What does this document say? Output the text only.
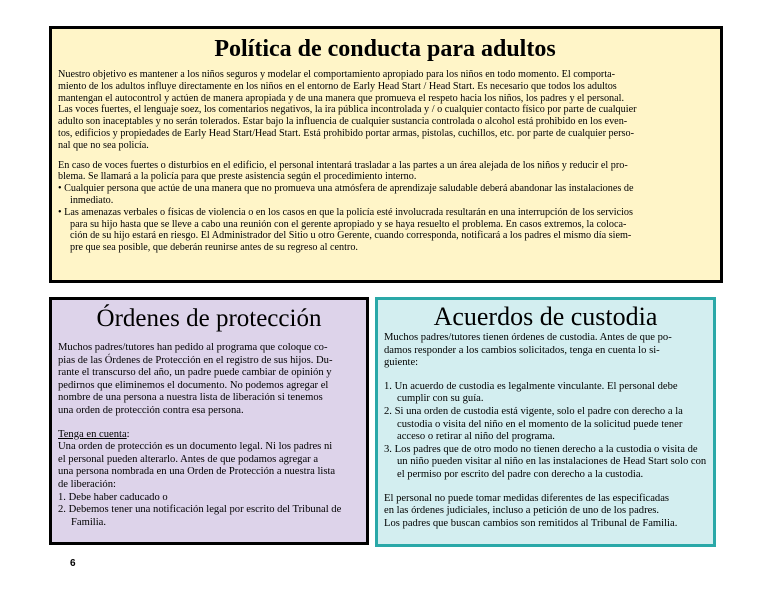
Política de conducta para adultos
Nuestro objetivo es mantener a los niños seguros y modelar el comportamiento apropiado para los niños en todo momento. El comporta-
miento de los adultos influye directamente en los niños en el entorno de Early Head Start / Head Start. Es necesario que todos los adultos
mantengan el autocontrol y actúen de manera apropiada y de una manera que promueva el respeto hacia los niños, los padres y el personal.
Las voces fuertes, el lenguaje soez, los comentarios negativos, la ira pública incontrolada y / o cualquier contacto físico por parte de cualquier
adulto son inaceptables y no serán tolerados. Estar bajo la influencia de cualquier sustancia controlada o alcohol está prohibido en los even-
tos, edificios y propiedades de Early Head Start/Head Start. Está prohibido portar armas, pistolas, cuchillos, etc. por parte de cualquier perso-
nal que no sea policía.
En caso de voces fuertes o disturbios en el edificio, el personal intentará trasladar a las partes a un área alejada de los niños y reducir el pro-
blema. Se llamará a la policía para que preste asistencia según el procedimiento interno.
• Cualquier persona que actúe de una manera que no promueva una atmósfera de aprendizaje saludable deberá abandonar las instalaciones de
inmediato.
• Las amenazas verbales o físicas de violencia o en los casos en que la policía esté involucrada resultarán en una interrupción de los servicios
para su hijo hasta que se lleve a cabo una reunión con el gerente apropiado y se haya resuelto el problema. En casos extremos, la coloca-
ción de su hijo estará en riesgo. El Administrador del Sitio u otro Gerente, cuando corresponda, notificará a los padres el mismo día siem-
pre que sea posible, que deberán reunirse antes de su regreso al centro.
Órdenes de protección
Muchos padres/tutores han pedido al programa que coloque co-
pias de las Órdenes de Protección en el registro de sus hijos. Du-
rante el transcurso del año, un padre puede cambiar de opinión y
pedirnos que eliminemos el documento. No podemos agregar el
nombre de una persona a nuestra lista de liberación si tenemos
una orden de protección contra esa persona.
Tenga en cuenta:
Una orden de protección es un documento legal. Ni los padres ni
el personal pueden alterarlo. Antes de que podamos agregar a
una persona nombrada en una Orden de Protección a nuestra lista
de liberación:
1. Debe haber caducado o
2. Debemos tener una notificación legal por escrito del Tribunal de Familia.
Acuerdos de custodia
Muchos padres/tutores tienen órdenes de custodia. Antes de que po-
damos responder a los cambios solicitados, tenga en cuenta lo si-
guiente:
1. Un acuerdo de custodia es legalmente vinculante. El personal debe cumplir con su guía.
2. Si una orden de custodia está vigente, solo el padre con derecho a la custodia o visita del niño en el momento de la solicitud puede tener acceso o retirar al niño del programa.
3. Los padres que de otro modo no tienen derecho a la custodia o visita de un niño pueden visitar al niño en las instalaciones de Head Start solo con el permiso por escrito del padre con derecho a la custodia.
El personal no puede tomar medidas diferentes de las especificadas
en las órdenes judiciales, incluso a petición de uno de los padres.
Los padres que buscan cambios son remitidos al Tribunal de Familia.
6
